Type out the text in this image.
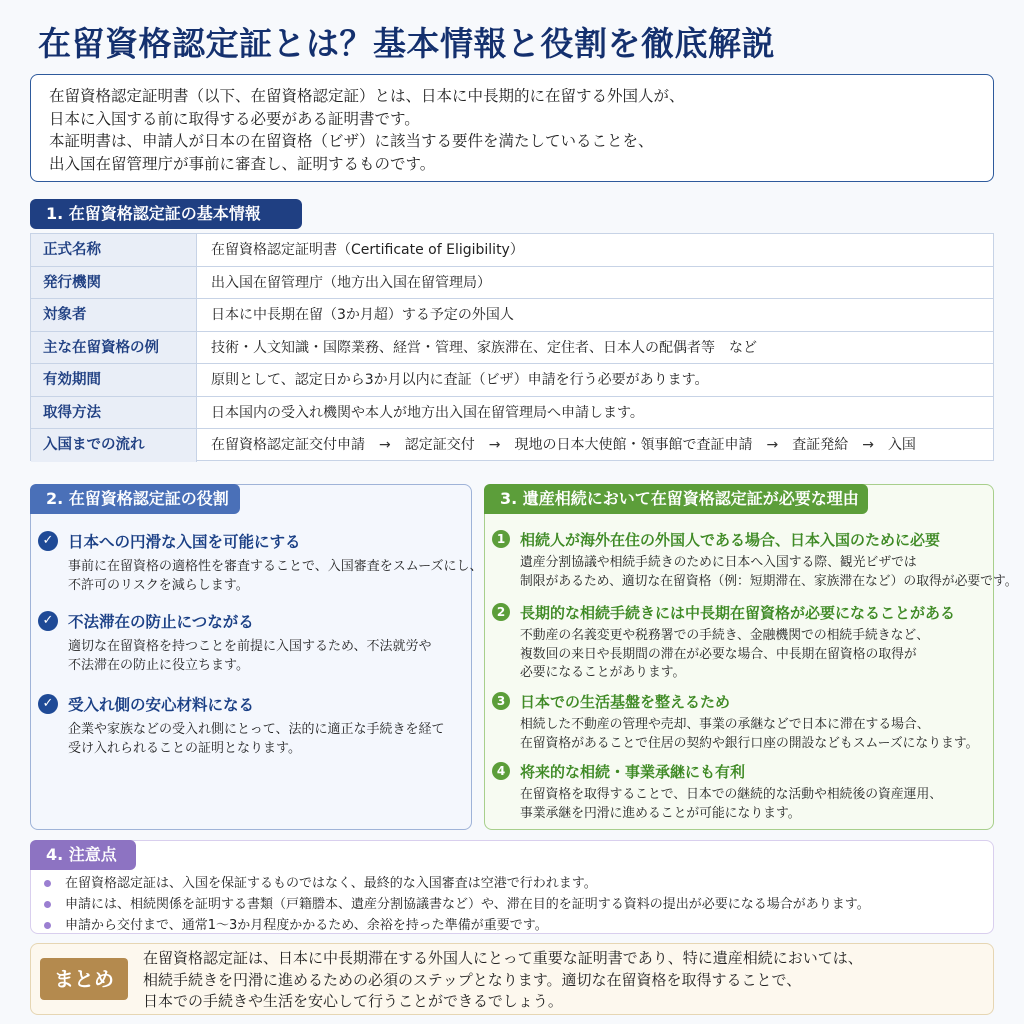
在留資格認定証とは？基本情報と役割を徹底解説
在留資格認定証明書（以下、在留資格認定証）とは、日本に中長期的に在留する外国人が、
日本に入国する前に取得する必要がある証明書です。
本証明書は、申請人が日本の在留資格（ビザ）に該当する要件を満たしていることを、
出入国在留管理庁が事前に審査し、証明するものです。
1. 在留資格認定証の基本情報
正式名称	在留資格認定証明書（Certificate of Eligibility）
発行機関	出入国在留管理庁（地方出入国在留管理局）
対象者	日本に中長期在留（3か月超）する予定の外国人
主な在留資格の例	技術・人文知識・国際業務、経営・管理、家族滞在、定住者、日本人の配偶者等　など
有効期間	原則として、認定日から3か月以内に査証（ビザ）申請を行う必要があります。
取得方法	日本国内の受入れ機関や本人が地方出入国在留管理局へ申請します。
入国までの流れ	在留資格認定証交付申請 → 認定証交付 → 現地の日本大使館・領事館で査証申請 → 査証発給 → 入国
2. 在留資格認定証の役割
✓ 日本への円滑な入国を可能にする
事前に在留資格の適格性を審査することで、入国審査をスムーズにし、
不許可のリスクを減らします。
✓ 不法滞在の防止につながる
適切な在留資格を持つことを前提に入国するため、不法就労や
不法滞在の防止に役立ちます。
✓ 受入れ側の安心材料になる
企業や家族などの受入れ側にとって、法的に適正な手続きを経て
受け入れられることの証明となります。
3. 遺産相続において在留資格認定証が必要な理由
1 相続人が海外在住の外国人である場合、日本入国のために必要
遺産分割協議や相続手続きのために日本へ入国する際、観光ビザでは
制限があるため、適切な在留資格（例：短期滞在、家族滞在など）の取得が必要です。
2 長期的な相続手続きには中長期在留資格が必要になることがある
不動産の名義変更や税務署での手続き、金融機関での相続手続きなど、
複数回の来日や長期間の滞在が必要な場合、中長期在留資格の取得が
必要になることがあります。
3 日本での生活基盤を整えるため
相続した不動産の管理や売却、事業の承継などで日本に滞在する場合、
在留資格があることで住居の契約や銀行口座の開設などもスムーズになります。
4 将来的な相続・事業承継にも有利
在留資格を取得することで、日本での継続的な活動や相続後の資産運用、
事業承継を円滑に進めることが可能になります。
4. 注意点
在留資格認定証は、入国を保証するものではなく、最終的な入国審査は空港で行われます。
申請には、相続関係を証明する書類（戸籍謄本、遺産分割協議書など）や、滞在目的を証明する資料の提出が必要になる場合があります。
申請から交付まで、通常1〜3か月程度かかるため、余裕を持った準備が重要です。
まとめ
在留資格認定証は、日本に中長期滞在する外国人にとって重要な証明書であり、特に遺産相続においては、
相続手続きを円滑に進めるための必須のステップとなります。適切な在留資格を取得することで、
日本での手続きや生活を安心して行うことができるでしょう。
